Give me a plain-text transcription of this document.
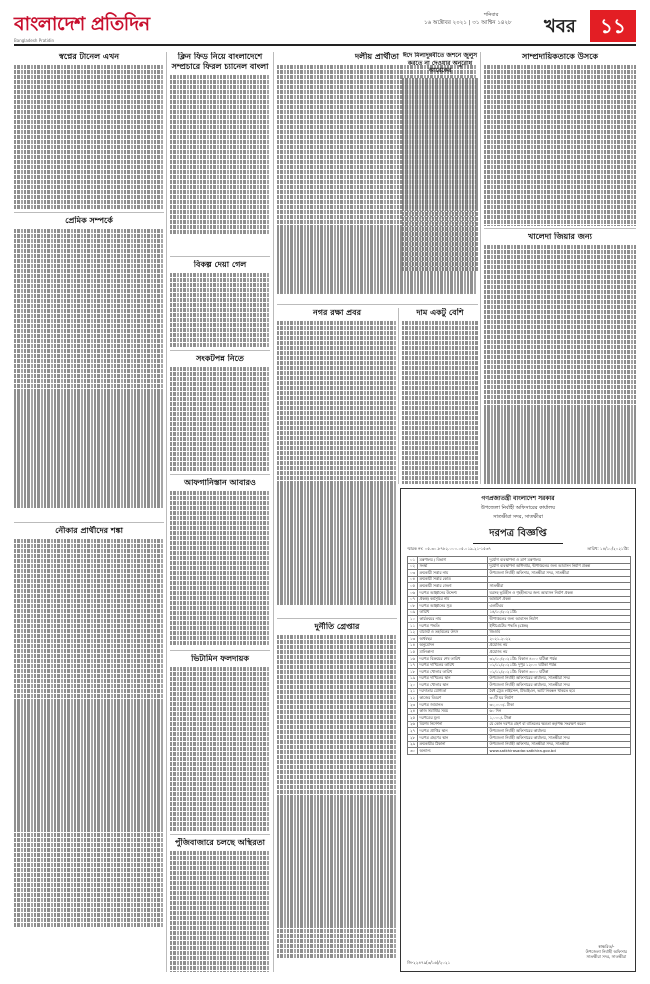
বাংলাদেশ প্রতিদিন
Bangladesh Pratidin
শনিবার
১৬ অক্টোবর ২০২১ | ৩১ আশ্বিন ১৪২৮ খবর	১১
স্বপ্নের টানেল এখন
প্রেমিক সম্পর্কে
নৌকার প্রার্থীদের শঙ্কা
ক্লিন ফিড নিয়ে বাংলাদেশে সম্প্রচারে ফিরল চ্যানেল বাংলা
বিকল্প দেয়া গেল
সংকটপন্ন নিতে
আফগানিস্তান আবারও
ভিটামিন ফলদায়ক
পুঁজিবাজারে চলছে অস্থিরতা
দলীয় প্রার্থীতা
নগর রক্ষা প্রবর
দুর্নীতি গ্রেপ্তার
ঈদে মিলাদুন্নবীতে জশনে জুলুস করতে না দেওয়ার অনুরোধ আরেকের
দাম একটু বেশি
সাম্প্রদায়িকতাকে উসকে
খালেদা জিয়ার জন্য
গণপ্রজাতন্ত্রী বাংলাদেশ সরকার
উপজেলা নির্বাহী অফিসারের কার্যালয়
সাতক্ষীরা সদর, সাতক্ষীরা
দরপত্র বিজ্ঞপ্তি
স্মারক নং: ০৫.৩০.৮৭৮২.০০০.০৫.০১৯.২১-১৫৩৭	তারিখ: ১৪/১০/২০২১খ্রি:
০১	মন্ত্রণালয় / বিভাগ	দুর্যোগ ব্যবস্থাপনা ও ত্রাণ মন্ত্রণালয়
০২	সংস্থা	দুর্যোগ ব্যবস্থাপনা অধিদপ্তর, দ্বীপাঞ্চলের জন্য আবাসন নির্মাণ প্রকল্প
০৩	ক্রয়কারী সত্তার নাম	উপজেলা নির্বাহী অফিসার, সাতক্ষীরা সদর, সাতক্ষীরা
০৪	ক্রয়কারী সত্তার কোড	
০৫	ক্রয়কারী সত্তার জেলা	সাতক্ষীরা
০৬	দরপত্র আহ্বানের উদ্দেশ্য	ঘরসহ ভূমিহীন ও গৃহহীনদের জন্য আবাসন নির্মাণ প্রকল্প
০৭	প্রকল্প/ কর্মসূচির নাম	আশ্রয়ণ প্রকল্প
০৮	দরপত্র আহ্বানের সূত্র	এলটিএম
০৯	তারিখ	১৪/১০/২০২১খ্রি:
১০	কার্যক্রমের নাম	দ্বীপাঞ্চলের জন্য আবাসন নির্মাণ
১১	দরপত্র পদ্ধতি	ইন্টিগ্রেটেড পদ্ধতি (LTM)
১২	বাজেট ও তহবিলের উৎস	জিওবি
১৩	অর্থবছর	২০২১-২০২২
১৪	অনুমোদন	প্রযোজ্য নয়
১৫	মালিকানা	প্রযোজ্য নয়
১৬	দরপত্র বিক্রয়ের শেষ তারিখ	৩১/১০/২০২১খ্রি: বিকাল ৪:০০ ঘটিকা পর্যন্ত
১৭	দরপত্র দাখিলের তারিখ	০১/১১/২০২১খ্রি: দুপুর ১২:০০ ঘটিকা পর্যন্ত
১৮	দরপত্র খোলার তারিখ	০১/১১/২০২১খ্রি: বিকাল ৩:০০ ঘটিকা
১৯	দরপত্র দাখিলের স্থান	উপজেলা নির্বাহী অফিসারের কার্যালয়, সাতক্ষীরা সদর
২০	দরপত্র খোলার স্থান	উপজেলা নির্বাহী অফিসারের কার্যালয়, সাতক্ষীরা সদর
২১	দরদাতার যোগ্যতা	বৈধ ট্রেড লাইসেন্স, টিআইএন, ভ্যাট নিবন্ধন থাকতে হবে
২২	কাজের বিবরণ	৩০টি ঘর নির্মাণ
২৩	দরপত্র জামানত	৩০,০০০/- টাকা
২৪	কাজ সমাপ্তির সময়	৬০ দিন
২৫	দরপত্রের মূল্য	১,০০০/- টাকা
২৬	বিশেষ নির্দেশনা	যে কোন দরপত্র গ্রহণ বা বাতিলের ক্ষমতা কর্তৃপক্ষ সংরক্ষণ করেন
২৭	দরপত্র প্রাপ্তির স্থান	উপজেলা নির্বাহী অফিসারের কার্যালয়
২৮	দরপত্র গ্রহণের স্থান	উপজেলা নির্বাহী অফিসারের কার্যালয়, সাতক্ষীরা সদর
২৯	ক্রয়কারীর ঠিকানা	উপজেলা নির্বাহী অফিসার, সাতক্ষীরা সদর, সাতক্ষীরা
৩০	অন্যান্য	www.satkhirasadar.satkhira.gov.bd
স্বাক্ষরিত/-
উপজেলা নির্বাহী অফিসার
সাতক্ষীরা সদর, সাতক্ষীরা
জি-২২৪৭৯(৩/১৬)/২০২১
